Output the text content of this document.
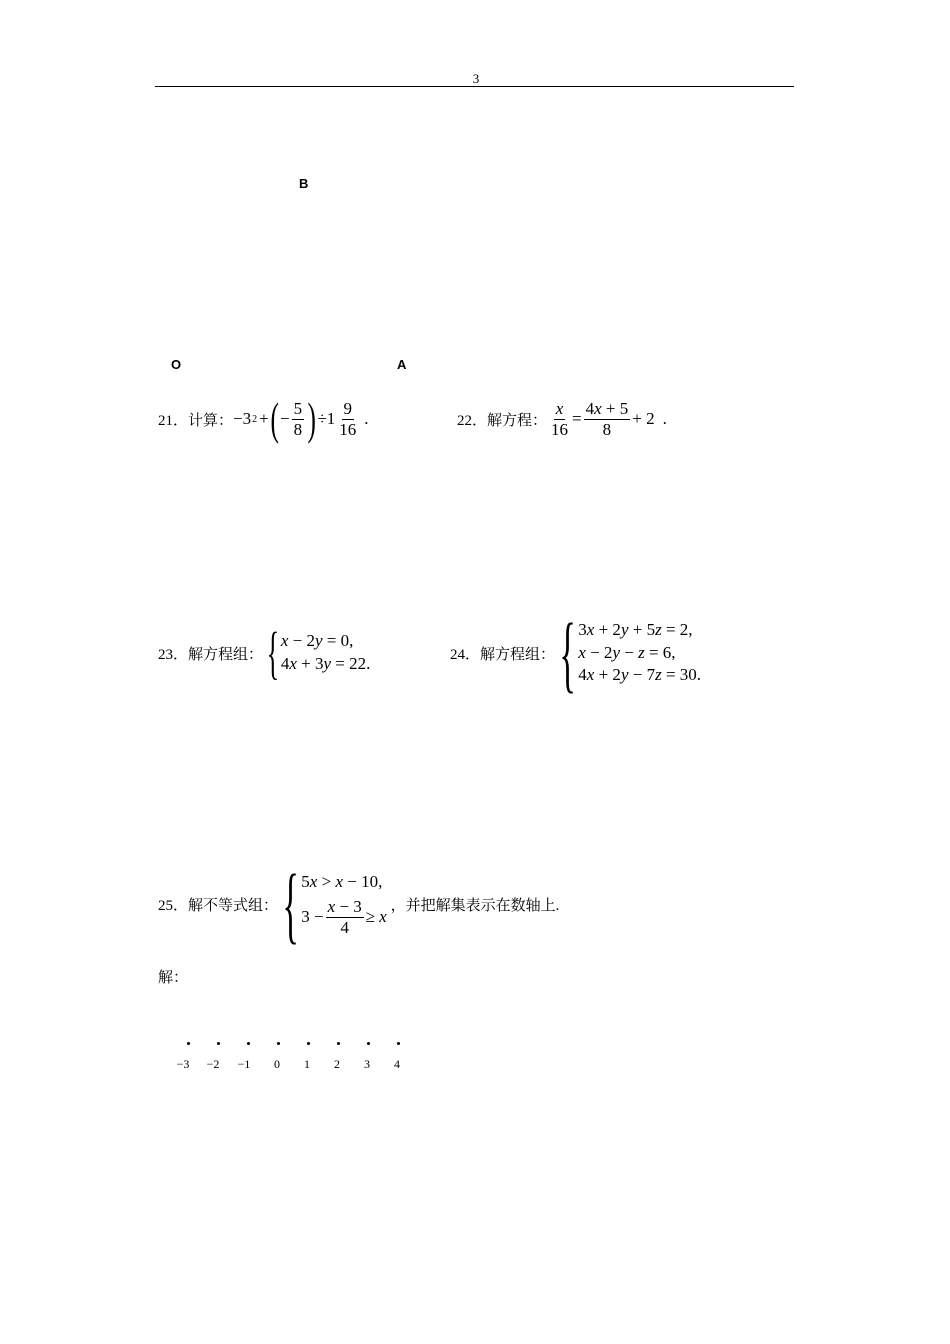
3
B
O	A
21．计算： −3 2 + ( − $\frac{5}{8}$ ) $\div 1 \frac{9}{16}$ .	22．解方程： $\frac{x}{16} = \frac{4x + 5}{8} + 2$ .
23．解方程组： { x − 2y = 0,
4x + 3y = 22.	24．解方程组： { 3x + 2y + 5z = 2,
x − 2y − z = 6,
4x + 2y − 7z = 30.
25．解不等式组： { 5x > x − 10,
$3 - \frac{x - 3}{4} \ge x$
，并把解集表示在数轴上.
解：
−3	−2	−1	0	1	2	3	4
